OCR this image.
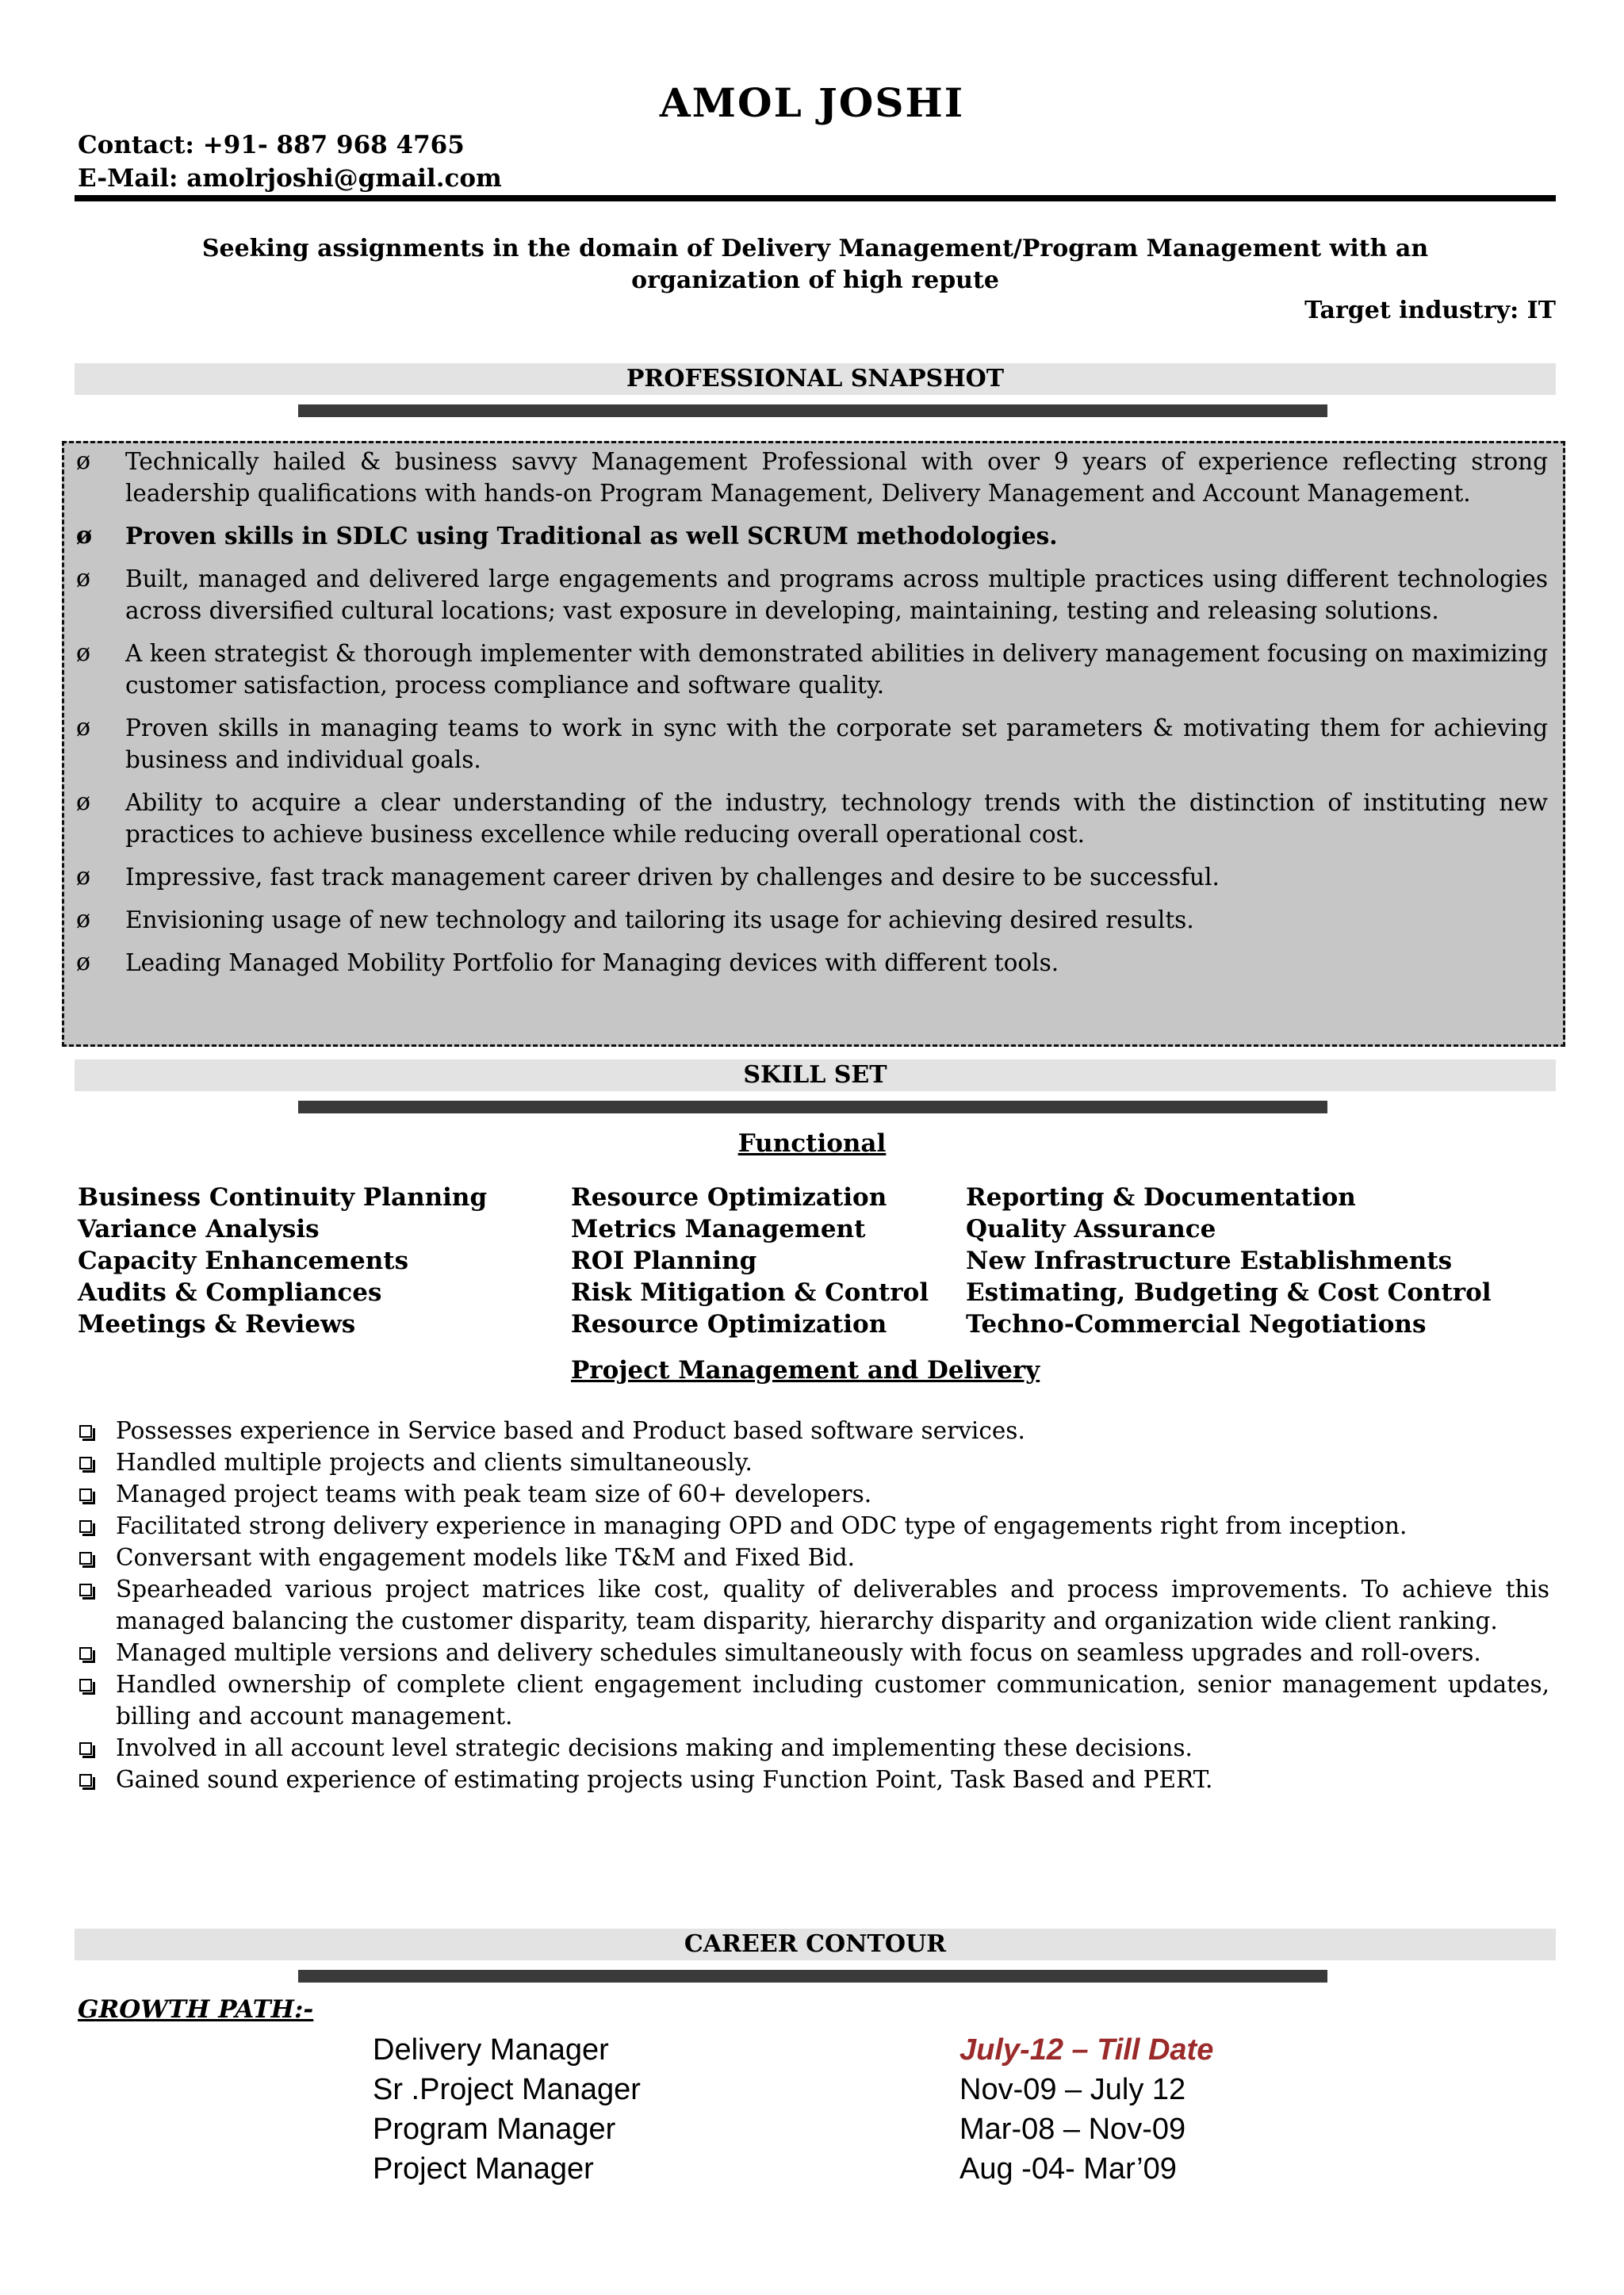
AMOL JOSHI
Contact: +91- 887 968 4765
E-Mail: amolrjoshi@gmail.com
Seeking assignments in the domain of Delivery Management/Program Management with an
organization of high repute
Target industry: IT
PROFESSIONAL SNAPSHOT
ø Technically hailed & business savvy Management Professional with over 9 years of experience reflecting strong leadership qualifications with hands-on Program Management, Delivery Management and Account Management.
ø Proven skills in SDLC using Traditional as well SCRUM methodologies.
ø Built, managed and delivered large engagements and programs across multiple practices using different technologies across diversified cultural locations; vast exposure in developing, maintaining, testing and releasing solutions.
ø A keen strategist & thorough implementer with demonstrated abilities in delivery management focusing on maximizing customer satisfaction, process compliance and software quality.
ø Proven skills in managing teams to work in sync with the corporate set parameters & motivating them for achieving business and individual goals.
ø Ability to acquire a clear understanding of the industry, technology trends with the distinction of instituting new practices to achieve business excellence while reducing overall operational cost.
ø Impressive, fast track management career driven by challenges and desire to be successful.
ø Envisioning usage of new technology and tailoring its usage for achieving desired results.
ø Leading Managed Mobility Portfolio for Managing devices with different tools.
SKILL SET
Functional
Business Continuity Planning
Variance Analysis
Capacity Enhancements
Audits & Compliances
Meetings & Reviews
Resource Optimization
Metrics Management
ROI Planning
Risk Mitigation & Control
Resource Optimization
Reporting & Documentation
Quality Assurance
New Infrastructure Establishments
Estimating, Budgeting & Cost Control
Techno-Commercial Negotiations
Project Management and Delivery
Possesses experience in Service based and Product based software services.
Handled multiple projects and clients simultaneously.
Managed project teams with peak team size of 60+ developers.
Facilitated strong delivery experience in managing OPD and ODC type of engagements right from inception.
Conversant with engagement models like T&M and Fixed Bid.
Spearheaded various project matrices like cost, quality of deliverables and process improvements. To achieve this managed balancing the customer disparity, team disparity, hierarchy disparity and organization wide client ranking.
Managed multiple versions and delivery schedules simultaneously with focus on seamless upgrades and roll-overs.
Handled ownership of complete client engagement including customer communication, senior management updates, billing and account management.
Involved in all account level strategic decisions making and implementing these decisions.
Gained sound experience of estimating projects using Function Point, Task Based and PERT.
CAREER CONTOUR
GROWTH PATH:-
Delivery Manager
Sr .Project Manager
Program Manager
Project Manager
July-12 – Till Date
Nov-09 – July 12
Mar-08 – Nov-09
Aug -04- Mar’09
